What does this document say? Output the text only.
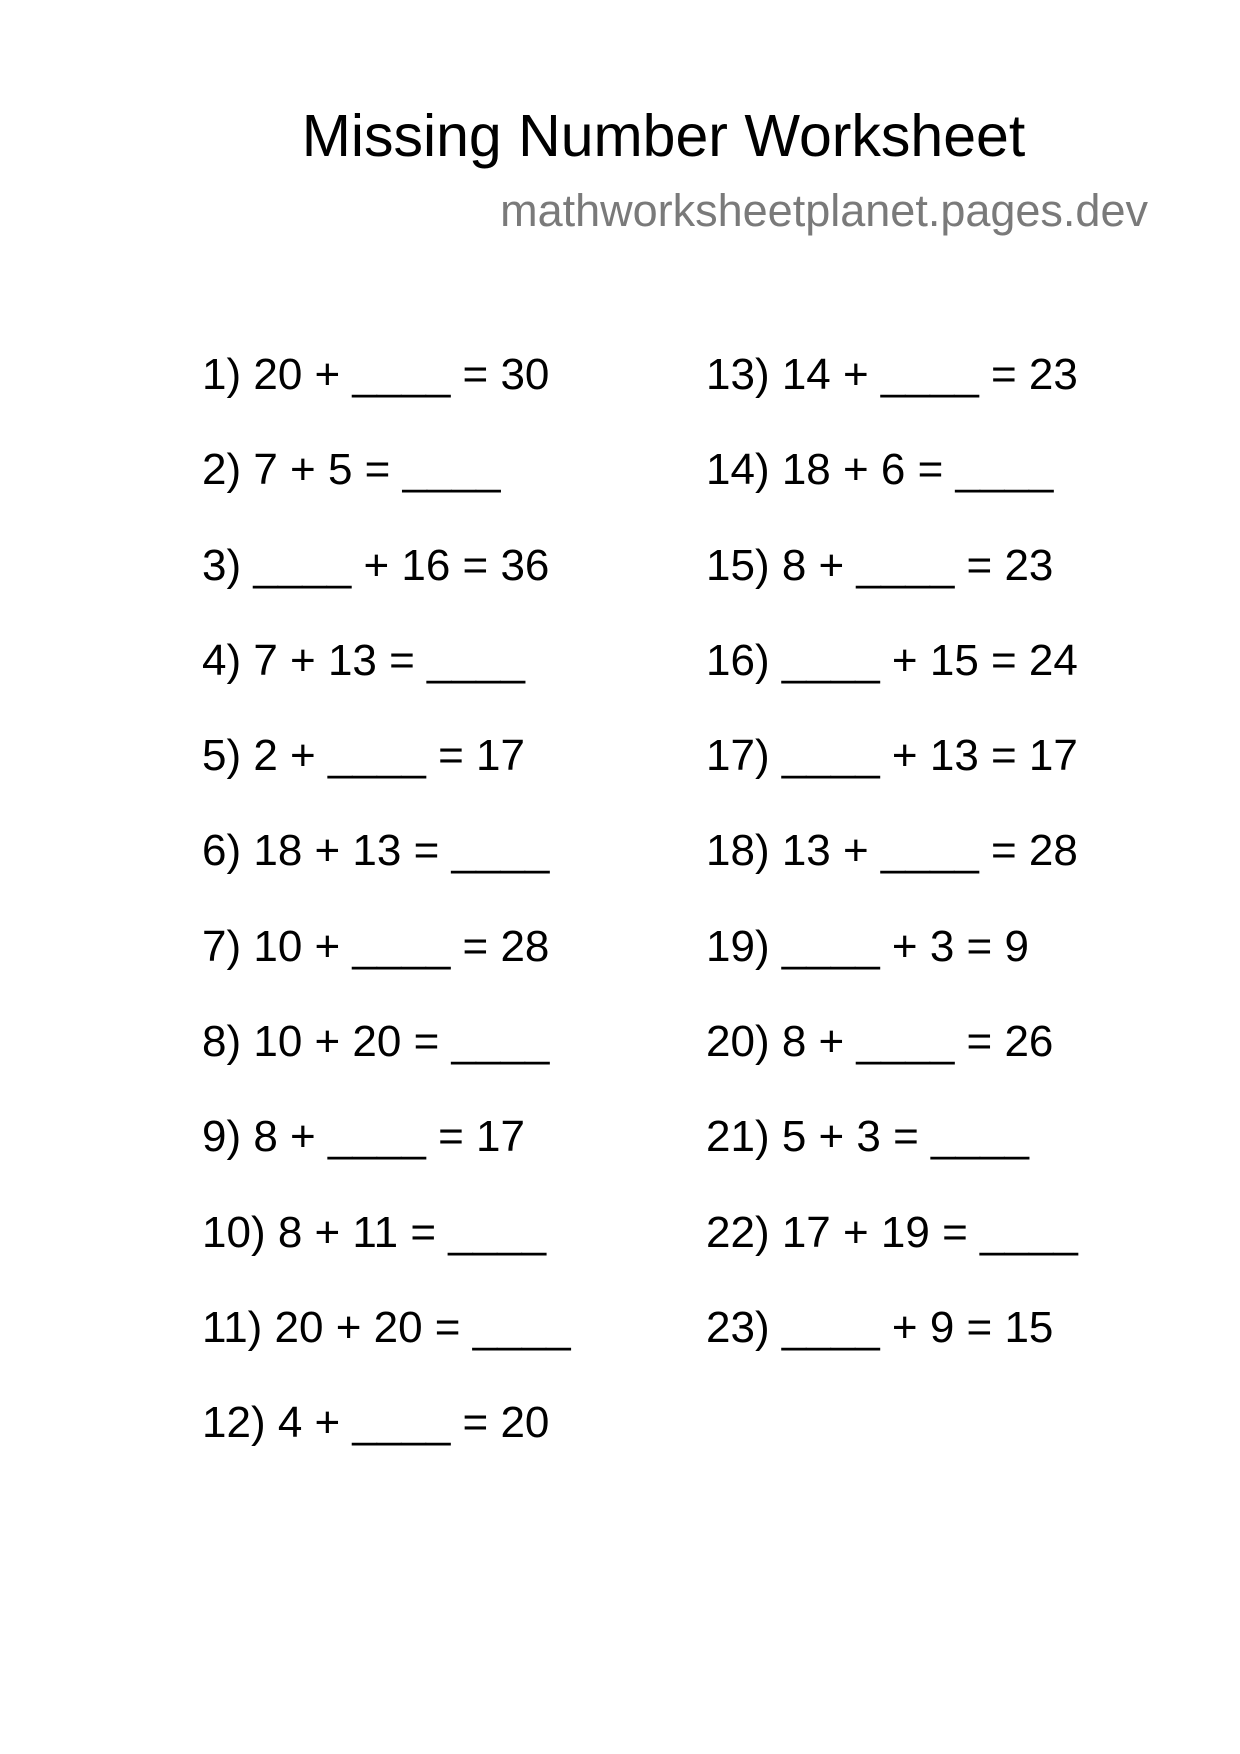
Missing Number Worksheet
mathworksheetplanet.pages.dev

1) 20 + ____ = 30

2) 7 + 5 = ____

3) ____ + 16 = 36

4) 7 + 13 = ____

5) 2 + ____ = 17

6) 18 + 13 = ____

7) 10 + ____ = 28

8) 10 + 20 = ____

9) 8 + ____ = 17

10) 8 + 11 = ____

11) 20 + 20 = ____

12) 4 + ____ = 20

13) 14 + ____ = 23

14) 18 + 6 = ____

15) 8 + ____ = 23

16) ____ + 15 = 24

17) ____ + 13 = 17

18) 13 + ____ = 28

19) ____ + 3 = 9

20) 8 + ____ = 26

21) 5 + 3 = ____

22) 17 + 19 = ____

23) ____ + 9 = 15
